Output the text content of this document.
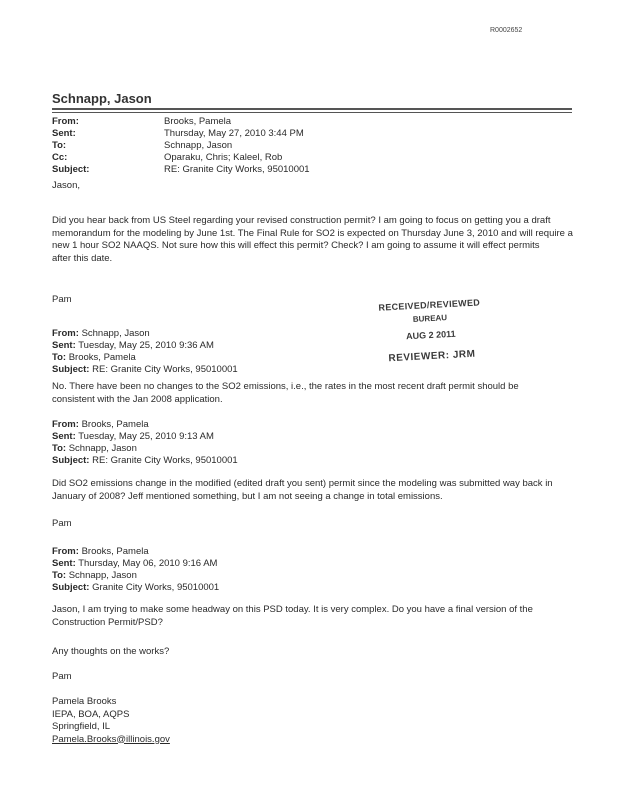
R0002652
Schnapp, Jason
From:	Brooks, Pamela
Sent:	Thursday, May 27, 2010 3:44 PM
To:	Schnapp, Jason
Cc:	Oparaku, Chris; Kaleel, Rob
Subject:	RE: Granite City Works, 95010001
Jason,
Did you hear back from US Steel regarding your revised construction permit? I am going to focus on getting you a draft
memorandum for the modeling by June 1st. The Final Rule for SO2 is expected on Thursday June 3, 2010 and will require a
new 1 hour SO2 NAAQS. Not sure how this will effect this permit? Check? I am going to assume it will effect permits
after this date.
Pam	RECEIVED/REVIEWED
BUREAU
AUG 2 2011
REVIEWER: JRM
From: Schnapp, Jason
Sent: Tuesday, May 25, 2010 9:36 AM
To: Brooks, Pamela
Subject: RE: Granite City Works, 95010001
No. There have been no changes to the SO2 emissions, i.e., the rates in the most recent draft permit should be
consistent with the Jan 2008 application.
From: Brooks, Pamela
Sent: Tuesday, May 25, 2010 9:13 AM
To: Schnapp, Jason
Subject: RE: Granite City Works, 95010001
Did SO2 emissions change in the modified (edited draft you sent) permit since the modeling was submitted way back in
January of 2008? Jeff mentioned something, but I am not seeing a change in total emissions.
Pam
From: Brooks, Pamela
Sent: Thursday, May 06, 2010 9:16 AM
To: Schnapp, Jason
Subject: Granite City Works, 95010001
Jason, I am trying to make some headway on this PSD today. It is very complex. Do you have a final version of the
Construction Permit/PSD?
Any thoughts on the works?
Pam
Pamela Brooks
IEPA, BOA, AQPS
Springfield, IL
Pamela.Brooks@illinois.gov
